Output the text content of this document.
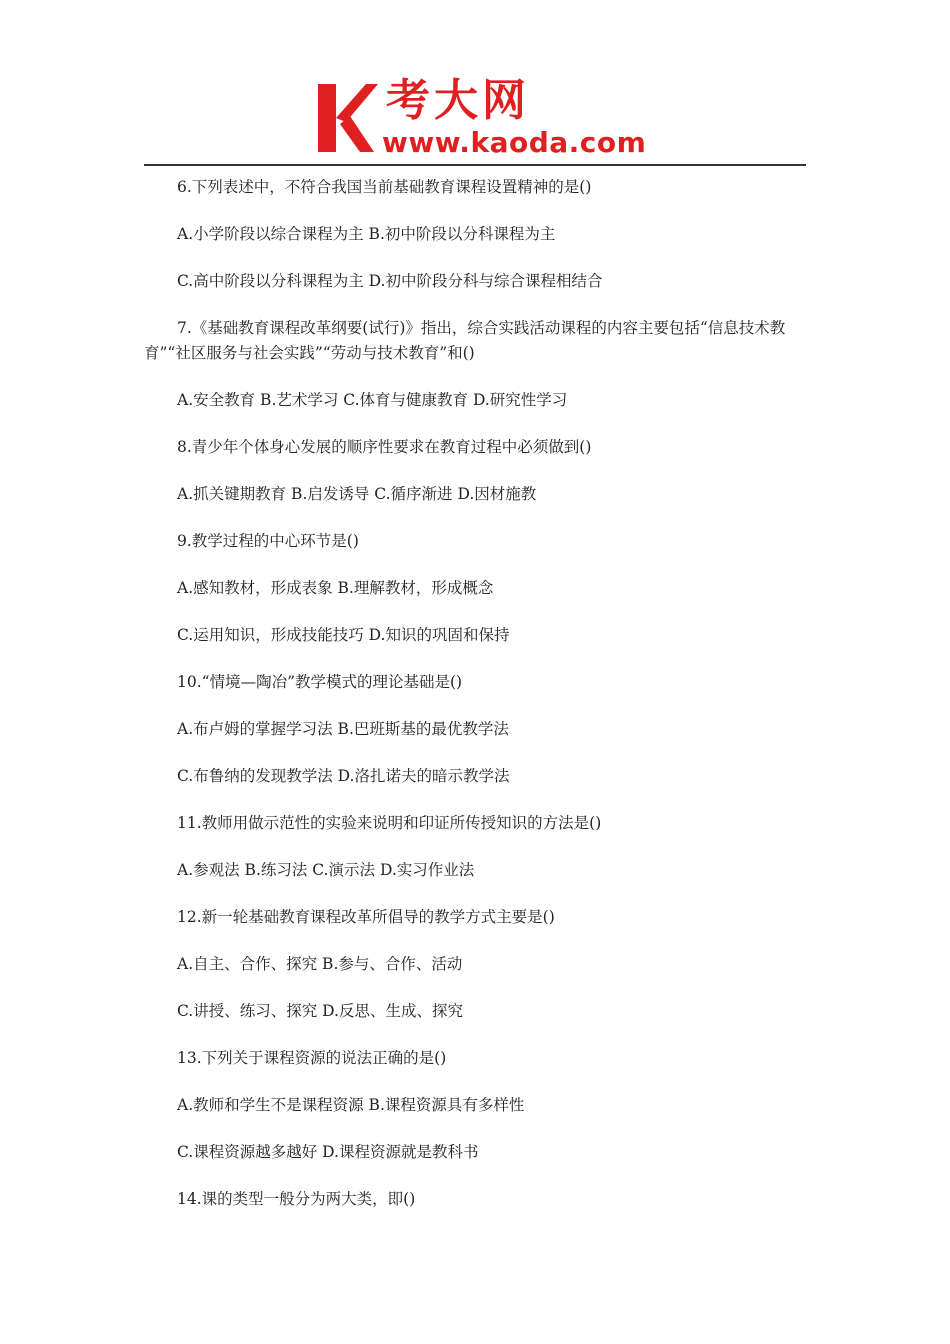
考大网
www.kaoda.com

6.下列表述中，不符合我国当前基础教育课程设置精神的是()

A.小学阶段以综合课程为主 B.初中阶段以分科课程为主

C.高中阶段以分科课程为主 D.初中阶段分科与综合课程相结合

7.《基础教育课程改革纲要(试行)》指出，综合实践活动课程的内容主要包括“信息技术教育”“社区服务与社会实践”“劳动与技术教育”和()

A.安全教育 B.艺术学习 C.体育与健康教育 D.研究性学习

8.青少年个体身心发展的顺序性要求在教育过程中必须做到()

A.抓关键期教育 B.启发诱导 C.循序渐进 D.因材施教

9.教学过程的中心环节是()

A.感知教材，形成表象 B.理解教材，形成概念

C.运用知识，形成技能技巧 D.知识的巩固和保持

10.“情境—陶冶”教学模式的理论基础是()

A.布卢姆的掌握学习法 B.巴班斯基的最优教学法

C.布鲁纳的发现教学法 D.洛扎诺夫的暗示教学法

11.教师用做示范性的实验来说明和印证所传授知识的方法是()

A.参观法 B.练习法 C.演示法 D.实习作业法

12.新一轮基础教育课程改革所倡导的教学方式主要是()

A.自主、合作、探究 B.参与、合作、活动

C.讲授、练习、探究 D.反思、生成、探究

13.下列关于课程资源的说法正确的是()

A.教师和学生不是课程资源 B.课程资源具有多样性

C.课程资源越多越好 D.课程资源就是教科书

14.课的类型一般分为两大类，即()
